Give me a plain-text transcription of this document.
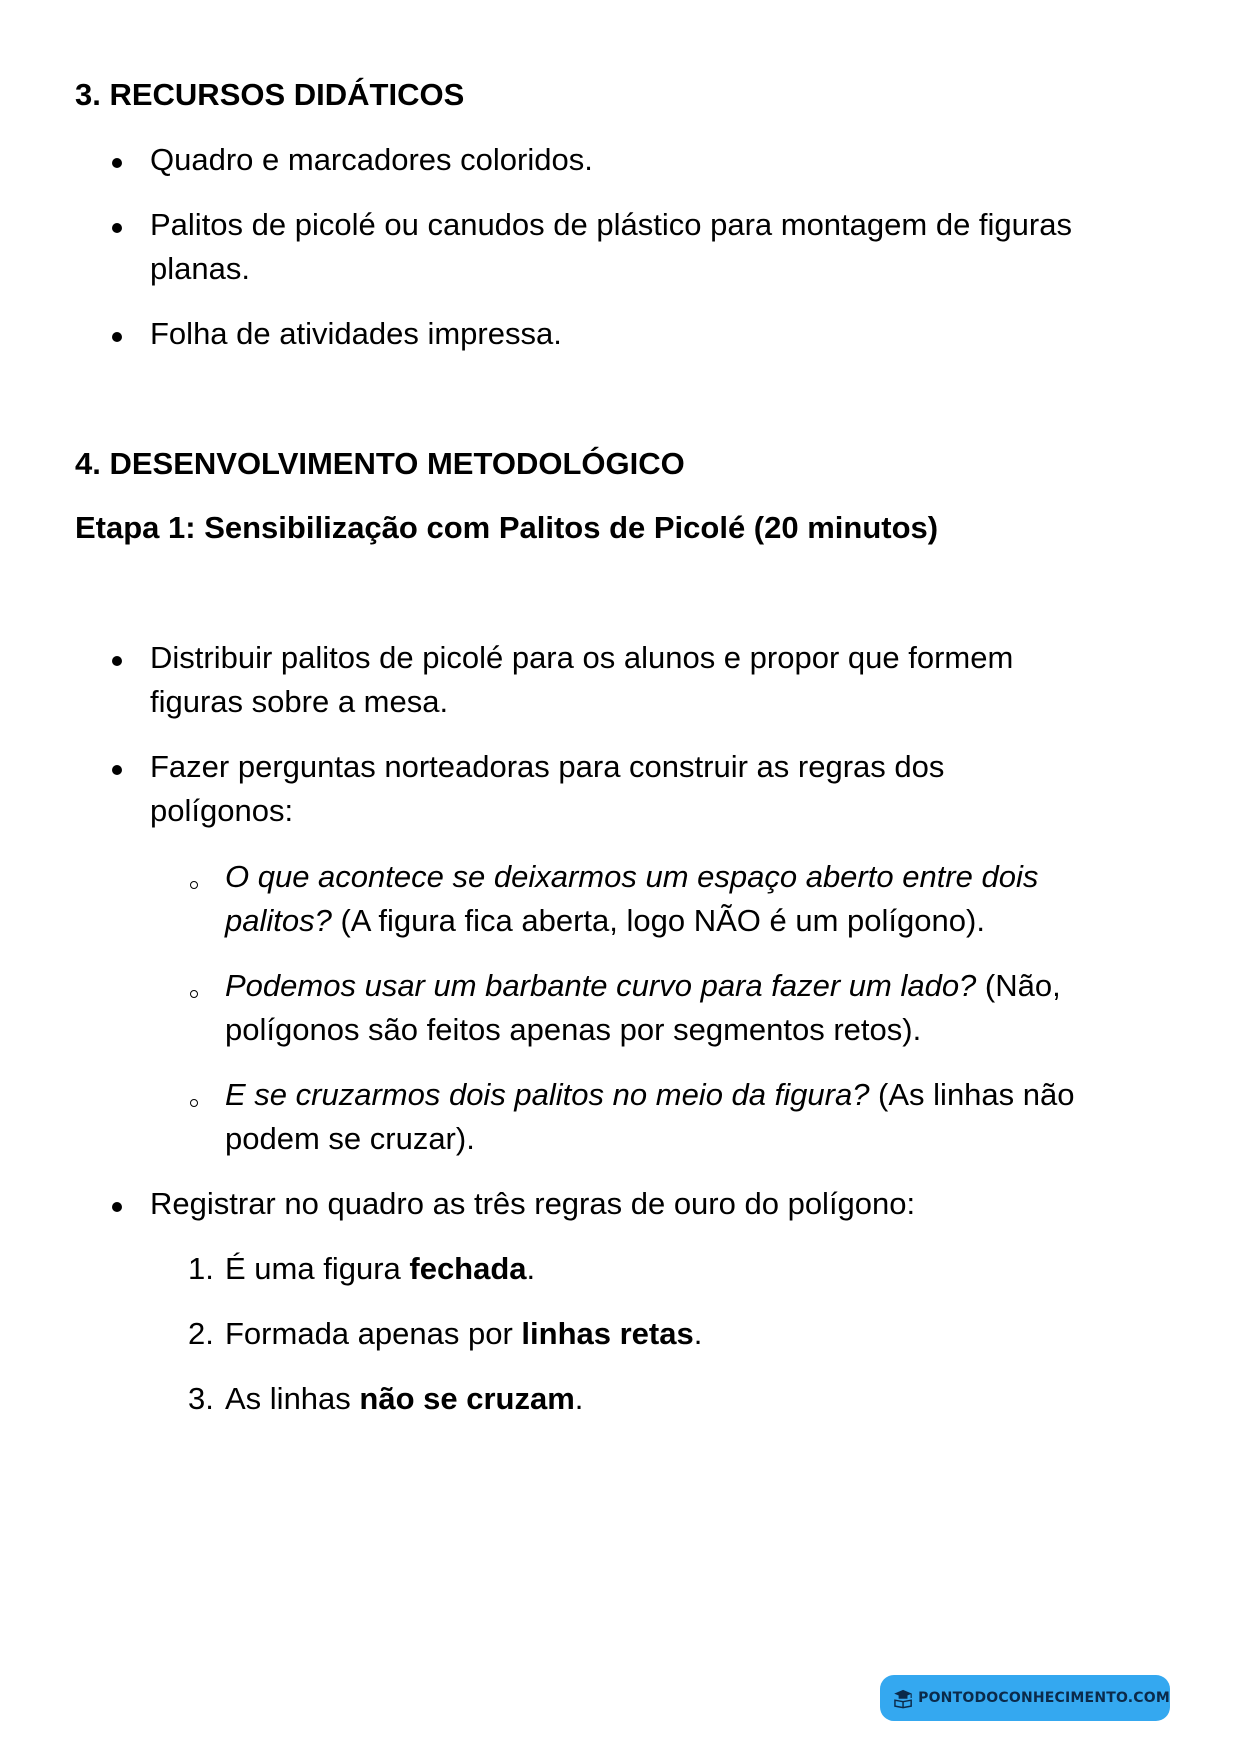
3. RECURSOS DIDÁTICOS
Quadro e marcadores coloridos.
Palitos de picolé ou canudos de plástico para montagem de figuras planas.
Folha de atividades impressa.
4. DESENVOLVIMENTO METODOLÓGICO
Etapa 1: Sensibilização com Palitos de Picolé (20 minutos)
Distribuir palitos de picolé para os alunos e propor que formem figuras sobre a mesa.
Fazer perguntas norteadoras para construir as regras dos polígonos:
O que acontece se deixarmos um espaço aberto entre dois palitos? (A figura fica aberta, logo NÃO é um polígono).
Podemos usar um barbante curvo para fazer um lado? (Não, polígonos são feitos apenas por segmentos retos).
E se cruzarmos dois palitos no meio da figura? (As linhas não podem se cruzar).
Registrar no quadro as três regras de ouro do polígono:
1. É uma figura fechada.
2. Formada apenas por linhas retas.
3. As linhas não se cruzam.
PONTODOCONHECIMENTO.COM
